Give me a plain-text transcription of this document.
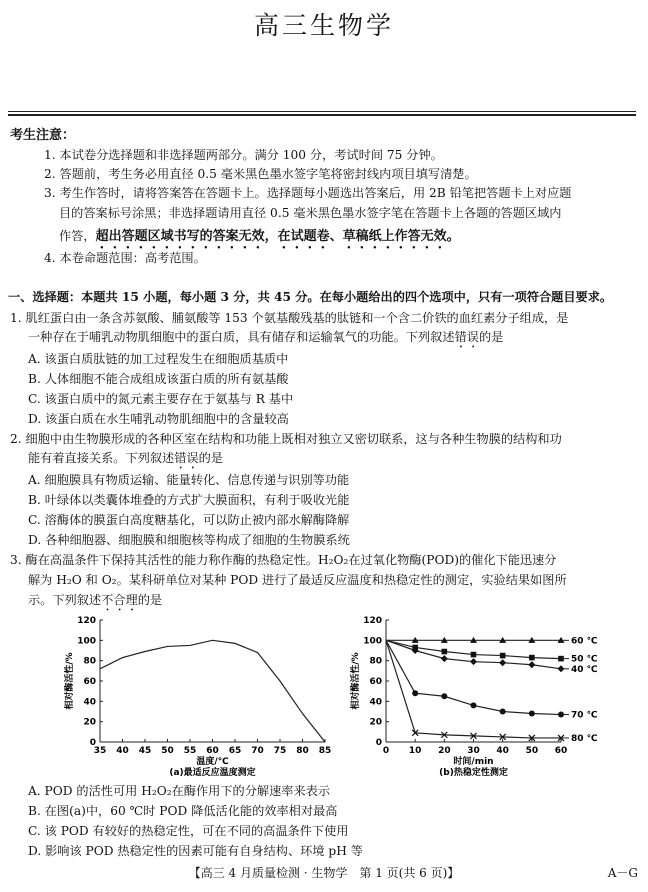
高三生物学
考生注意：
1. 本试卷分选择题和非选择题两部分。满分 100 分，考试时间 75 分钟。
2. 答题前，考生务必用直径 0.5 毫米黑色墨水签字笔将密封线内项目填写清楚。
3. 考生作答时，请将答案答在答题卡上。选择题每小题选出答案后，用 2B 铅笔把答题卡上对应题
目的答案标号涂黑；非选择题请用直径 0.5 毫米黑色墨水签字笔在答题卡上各题的答题区域内
作答，超出答题区域书写的答案无效，在试题卷、草稿纸上作答无效。
4. 本卷命题范围：高考范围。
一、选择题：本题共 15 小题，每小题 3 分，共 45 分。在每小题给出的四个选项中，只有一项符合题目要求。
1. 肌红蛋白由一条含苏氨酸、脯氨酸等 153 个氨基酸残基的肽链和一个含二价铁的血红素分子组成，是
一种存在于哺乳动物肌细胞中的蛋白质，具有储存和运输氧气的功能。下列叙述错误的是
A. 该蛋白质肽链的加工过程发生在细胞质基质中
B. 人体细胞不能合成组成该蛋白质的所有氨基酸
C. 该蛋白质中的氮元素主要存在于氨基与 R 基中
D. 该蛋白质在水生哺乳动物肌细胞中的含量较高
2. 细胞中由生物膜形成的各种区室在结构和功能上既相对独立又密切联系，这与各种生物膜的结构和功
能有着直接关系。下列叙述错误的是
A. 细胞膜具有物质运输、能量转化、信息传递与识别等功能
B. 叶绿体以类囊体堆叠的方式扩大膜面积，有利于吸收光能
C. 溶酶体的膜蛋白高度糖基化，可以防止被内部水解酶降解
D. 各种细胞器、细胞膜和细胞核等构成了细胞的生物膜系统
3. 酶在高温条件下保持其活性的能力称作酶的热稳定性。H₂O₂在过氧化物酶(POD)的催化下能迅速分
解为 H₂O 和 O₂。某科研单位对某种 POD 进行了最适反应温度和热稳定性的测定，实验结果如图所
示。下列叙述不合理的是
35 40 45 50 55 60 65 70 75 80 85
0
20
40
60
80
100
120
温度/℃
(a)最适反应温度测定
相对酶活性/%
0 10 20 30 40 50 60
0
20
40
60
80
100
120
时间/min
(b)热稳定性测定
相对酶活性/%
60 ℃
50 ℃
40 ℃
70 ℃
80 ℃
A. POD 的活性可用 H₂O₂在酶作用下的分解速率来表示
B. 在图(a)中，60 ℃时 POD 降低活化能的效率相对最高
C. 该 POD 有较好的热稳定性，可在不同的高温条件下使用
D. 影响该 POD 热稳定性的因素可能有自身结构、环境 pH 等
【高三 4 月质量检测 · 生物学　第 1 页(共 6 页)】	A－G
